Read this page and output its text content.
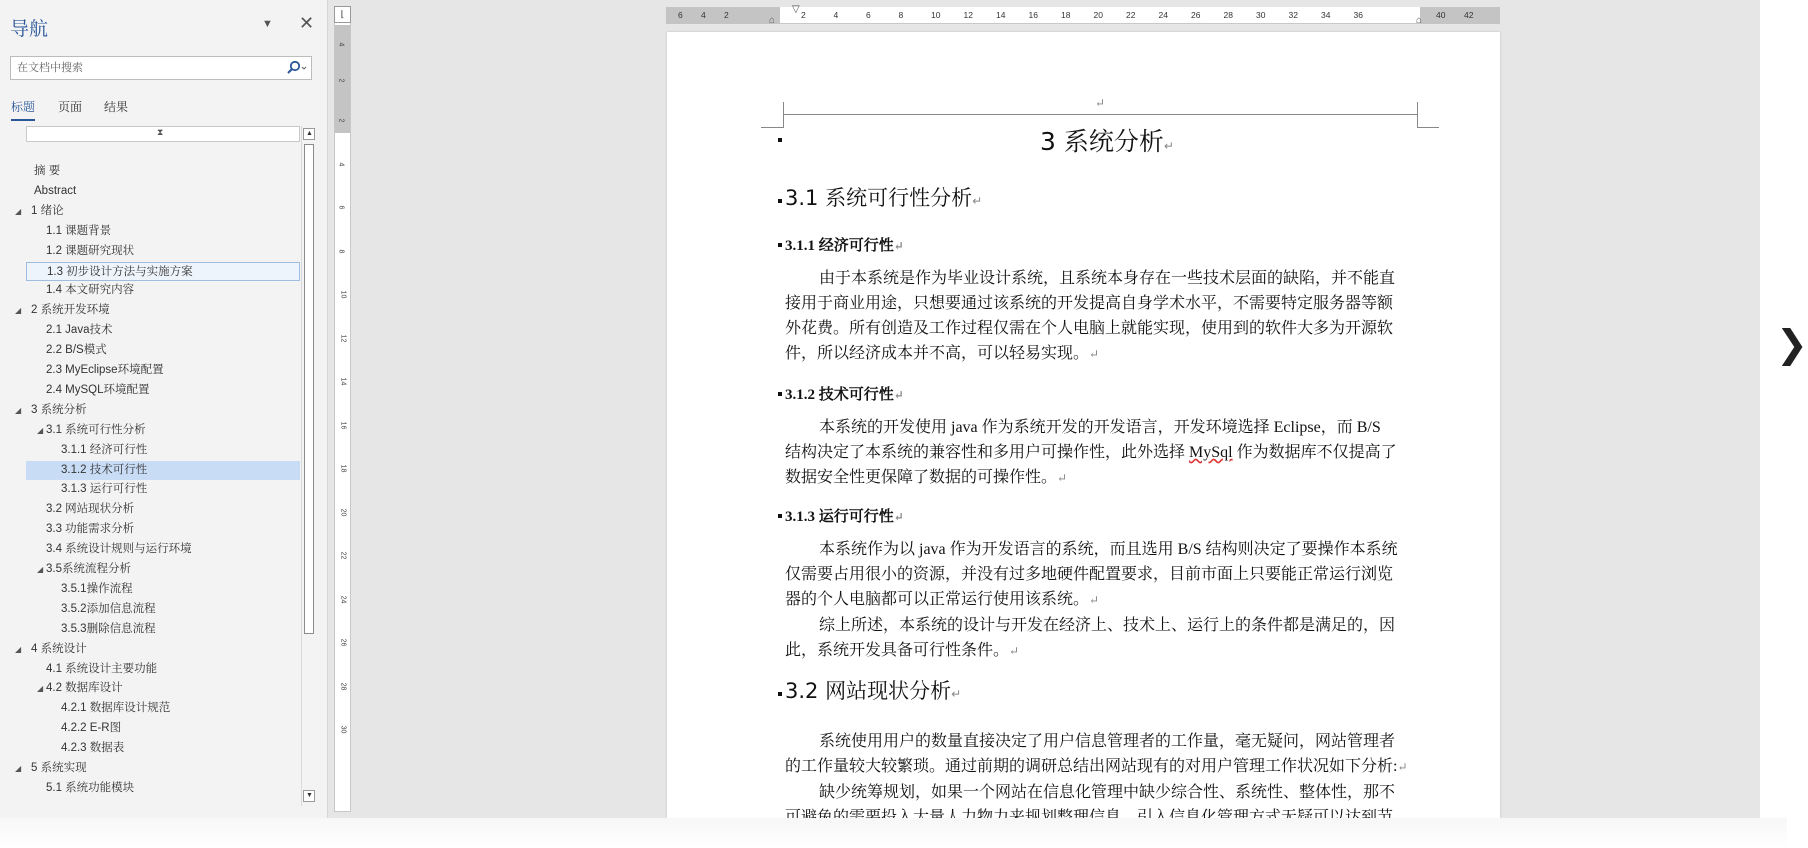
导航	▼ ✕
在文档中搜索
标题 页面 结果
⧗
摘 要
Abstract
◢ 1 绪论
1.1 课题背景
1.2 课题研究现状
1.3 初步设计方法与实施方案
1.4 本文研究内容
◢ 2 系统开发环境
2.1 Java技术
2.2 B/S模式
2.3 MyEclipse环境配置
2.4 MySQL环境配置
◢ 3 系统分析
◢ 3.1 系统可行性分析
3.1.1 经济可行性
3.1.2 技术可行性
3.1.3 运行可行性
3.2 网站现状分析
3.3 功能需求分析
3.4 系统设计规则与运行环境
◢ 3.5系统流程分析
3.5.1操作流程
3.5.2添加信息流程
3.5.3删除信息流程
◢ 4 系统设计
4.1 系统设计主要功能
◢ 4.2 数据库设计
4.2.1 数据库设计规范
4.2.2 E-R图
4.2.3 数据表
◢ 5 系统实现
5.1 系统功能模块
▲
▼
4
2
2
4
6
8
10
12
14
16
18
20
22
24
26
28
30
⌊
⌂
▽
⌂
6 4 2	2	4	6	8	10	12	14	16	18	20	22	24	26	28	30	32	34	36	40 42
↵
3 系统分析↵
3.1 系统可行性分析↵
3.1.1 经济可行性↵
由于本系统是作为毕业设计系统，且系统本身存在一些技术层面的缺陷，并不能直
接用于商业用途，只想要通过该系统的开发提高自身学术水平，不需要特定服务器等额
外花费。所有创造及工作过程仅需在个人电脑上就能实现，使用到的软件大多为开源软
件，所以经济成本并不高，可以轻易实现。↵
3.1.2 技术可行性↵
本系统的开发使用 java 作为系统开发的开发语言，开发环境选择 Eclipse，而 B/S
结构决定了本系统的兼容性和多用户可操作性，此外选择 MySql 作为数据库不仅提高了
数据安全性更保障了数据的可操作性。↵
3.1.3 运行可行性↵
本系统作为以 java 作为开发语言的系统，而且选用 B/S 结构则决定了要操作本系统
仅需要占用很小的资源，并没有过多地硬件配置要求，目前市面上只要能正常运行浏览
器的个人电脑都可以正常运行使用该系统。↵
综上所述，本系统的设计与开发在经济上、技术上、运行上的条件都是满足的，因
此，系统开发具备可行性条件。↵
3.2 网站现状分析↵
系统使用用户的数量直接决定了用户信息管理者的工作量，毫无疑问，网站管理者
的工作量较大较繁琐。通过前期的调研总结出网站现有的对用户管理工作状况如下分析:↵
缺少统筹规划，如果一个网站在信息化管理中缺少综合性、系统性、整体性，那不
❯
